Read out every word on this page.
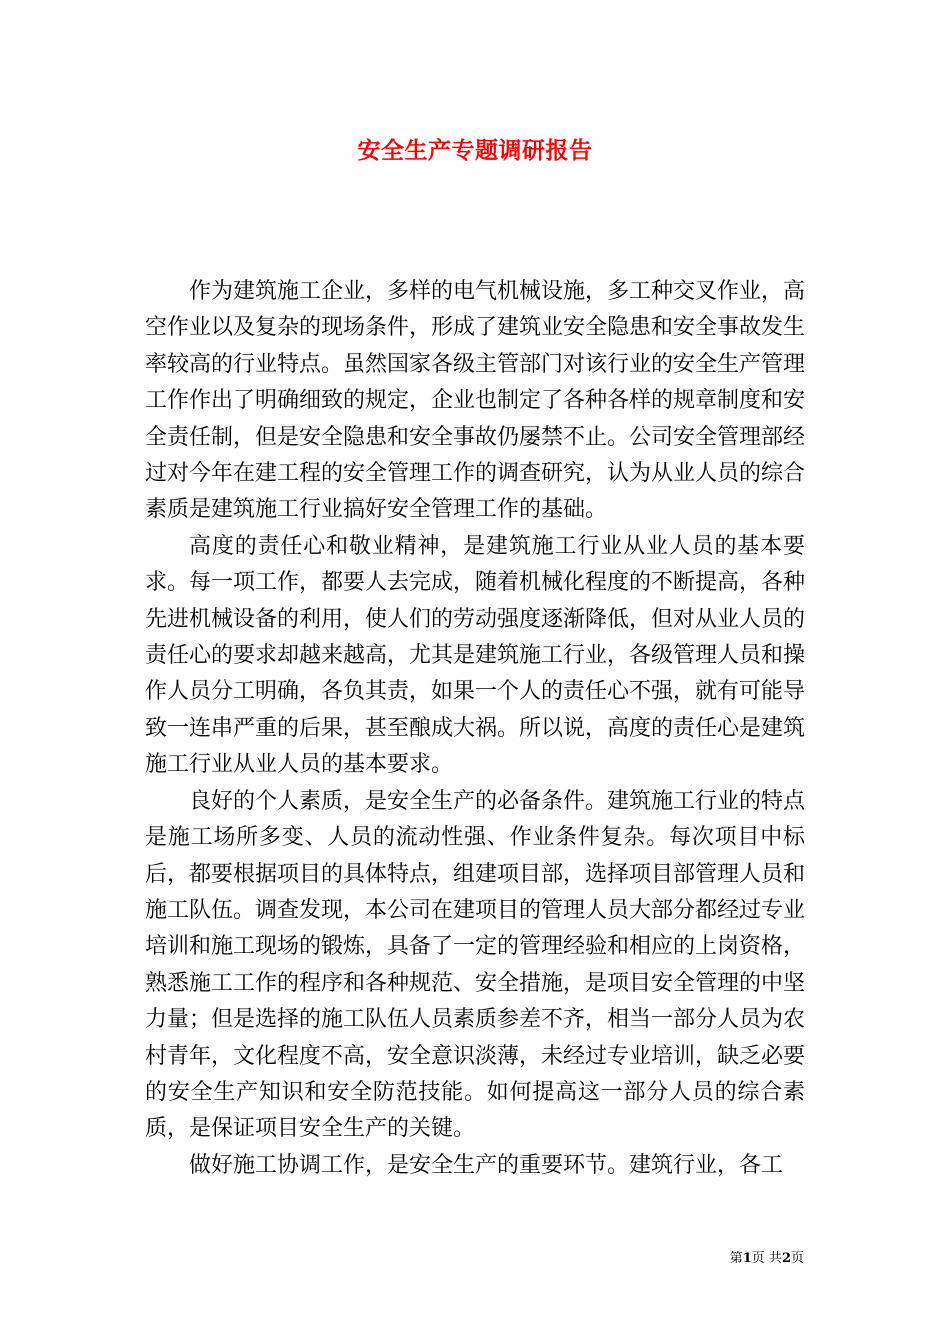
安全生产专题调研报告

作为建筑施工企业，多样的电气机械设施，多工种交叉作业，高空作业以及复杂的现场条件，形成了建筑业安全隐患和安全事故发生率较高的行业特点。虽然国家各级主管部门对该行业的安全生产管理工作作出了明确细致的规定，企业也制定了各种各样的规章制度和安全责任制，但是安全隐患和安全事故仍屡禁不止。公司安全管理部经过对今年在建工程的安全管理工作的调查研究，认为从业人员的综合素质是建筑施工行业搞好安全管理工作的基础。

高度的责任心和敬业精神，是建筑施工行业从业人员的基本要求。每一项工作，都要人去完成，随着机械化程度的不断提高，各种先进机械设备的利用，使人们的劳动强度逐渐降低，但对从业人员的责任心的要求却越来越高，尤其是建筑施工行业，各级管理人员和操作人员分工明确，各负其责，如果一个人的责任心不强，就有可能导致一连串严重的后果，甚至酿成大祸。所以说，高度的责任心是建筑施工行业从业人员的基本要求。

良好的个人素质，是安全生产的必备条件。建筑施工行业的特点是施工场所多变、人员的流动性强、作业条件复杂。每次项目中标后，都要根据项目的具体特点，组建项目部，选择项目部管理人员和施工队伍。调查发现，本公司在建项目的管理人员大部分都经过专业培训和施工现场的锻炼，具备了一定的管理经验和相应的上岗资格，熟悉施工工作的程序和各种规范、安全措施，是项目安全管理的中坚力量；但是选择的施工队伍人员素质参差不齐，相当一部分人员为农村青年，文化程度不高，安全意识淡薄，未经过专业培训，缺乏必要的安全生产知识和安全防范技能。如何提高这一部分人员的综合素质，是保证项目安全生产的关键。

做好施工协调工作，是安全生产的重要环节。建筑行业，各工

第1页 共2页
